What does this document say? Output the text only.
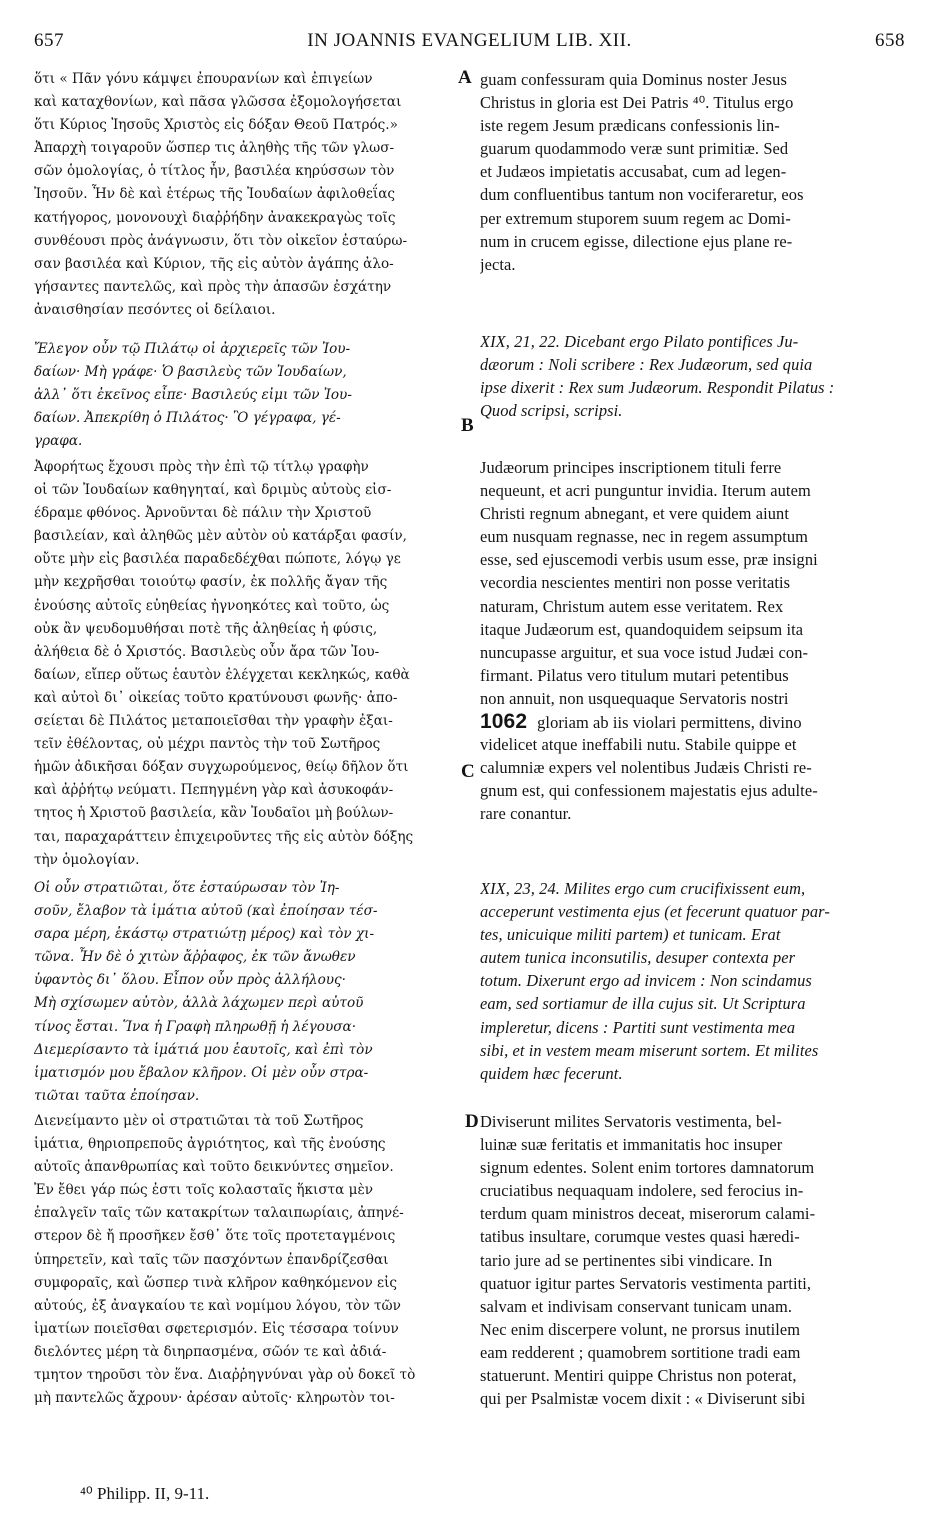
657	IN JOANNIS EVANGELIUM LIB. XII.	658
ὅτι « Πᾶν γόνυ κάμψει ἐπουρανίων καὶ ἐπιγείων
καὶ καταχθονίων, καὶ πᾶσα γλῶσσα ἐξομολογήσεται
ὅτι Κύριος Ἰησοῦς Χριστὸς εἰς δόξαν Θεοῦ Πατρός.»
Ἀπαρχὴ τοιγαροῦν ὥσπερ τις ἀληθὴς τῆς τῶν γλωσ-
σῶν ὁμολογίας, ὁ τίτλος ἦν, βασιλέα κηρύσσων τὸν
Ἰησοῦν. Ἦν δὲ καὶ ἑτέρως τῆς Ἰουδαίων ἀφιλοθεΐας
κατήγορος, μονονουχὶ διαῤῥήδην ἀνακεκραγὼς τοῖς
συνθέουσι πρὸς ἀνάγνωσιν, ὅτι τὸν οἰκεῖον ἐσταύρω-
σαν βασιλέα καὶ Κύριον, τῆς εἰς αὐτὸν ἀγάπης ἀλο-
γήσαντες παντελῶς, καὶ πρὸς τὴν ἁπασῶν ἐσχάτην
ἀναισθησίαν πεσόντες οἱ δείλαιοι.
Ἔλεγον οὖν τῷ Πιλάτῳ οἱ ἀρχιερεῖς τῶν Ἰου-
δαίων· Μὴ γράφε· Ὁ βασιλεὺς τῶν Ἰουδαίων,
ἀλλ᾽ ὅτι ἐκεῖνος εἶπε· Βασιλεύς εἰμι τῶν Ἰου-
δαίων. Ἀπεκρίθη ὁ Πιλάτος· Ὃ γέγραφα, γέ-
γραφα.
Ἀφορήτως ἔχουσι πρὸς τὴν ἐπὶ τῷ τίτλῳ γραφὴν
οἱ τῶν Ἰουδαίων καθηγηταί, καὶ δριμὺς αὐτοὺς εἰσ-
έδραμε φθόνος. Ἀρνοῦνται δὲ πάλιν τὴν Χριστοῦ
βασιλείαν, καὶ ἀληθῶς μὲν αὐτὸν οὐ κατάρξαι φασίν,
οὔτε μὴν εἰς βασιλέα παραδεδέχθαι πώποτε, λόγῳ γε
μὴν κεχρῆσθαι τοιούτῳ φασίν, ἐκ πολλῆς ἄγαν τῆς
ἐνούσης αὐτοῖς εὐηθείας ἠγνοηκότες καὶ τοῦτο, ὡς
οὐκ ἂν ψευδομυθήσαι ποτὲ τῆς ἀληθείας ἡ φύσις,
ἀλήθεια δὲ ὁ Χριστός. Βασιλεὺς οὖν ἄρα τῶν Ἰου-
δαίων, εἴπερ οὕτως ἑαυτὸν ἐλέγχεται κεκληκώς, καθὰ
καὶ αὐτοὶ δι᾽ οἰκείας τοῦτο κρατύνουσι φωνῆς· ἀπο-
σείεται δὲ Πιλάτος μεταποιεῖσθαι τὴν γραφὴν ἐξαι-
τεῖν ἐθέλοντας, οὐ μέχρι παντὸς τὴν τοῦ Σωτῆρος
ἡμῶν ἀδικῆσαι δόξαν συγχωρούμενος, θείῳ δῆλον ὅτι
καὶ ἀῤῥήτῳ νεύματι. Πεπηγμένη γὰρ καὶ ἀσυκοφάν-
τητος ἡ Χριστοῦ βασιλεία, κἂν Ἰουδαῖοι μὴ βούλων-
ται, παραχαράττειν ἐπιχειροῦντες τῆς εἰς αὐτὸν δόξης
τὴν ὁμολογίαν.
Οἱ οὖν στρατιῶται, ὅτε ἐσταύρωσαν τὸν Ἰη-
σοῦν, ἔλαβον τὰ ἱμάτια αὐτοῦ (καὶ ἐποίησαν τέσ-
σαρα μέρη, ἑκάστῳ στρατιώτῃ μέρος) καὶ τὸν χι-
τῶνα. Ἦν δὲ ὁ χιτὼν ἄῤῥαφος, ἐκ τῶν ἄνωθεν
ὑφαντὸς δι᾽ ὅλου. Εἶπον οὖν πρὸς ἀλλήλους·
Μὴ σχίσωμεν αὐτὸν, ἀλλὰ λάχωμεν περὶ αὐτοῦ
τίνος ἔσται. Ἵνα ἡ Γραφὴ πληρωθῇ ἡ λέγουσα·
Διεμερίσαντο τὰ ἱμάτιά μου ἑαυτοῖς, καὶ ἐπὶ τὸν
ἱματισμόν μου ἔβαλον κλῆρον. Οἱ μὲν οὖν στρα-
τιῶται ταῦτα ἐποίησαν.
Διενείμαντο μὲν οἱ στρατιῶται τὰ τοῦ Σωτῆρος
ἱμάτια, θηριοπρεποῦς ἀγριότητος, καὶ τῆς ἐνούσης
αὐτοῖς ἀπανθρωπίας καὶ τοῦτο δεικνύντες σημεῖον.
Ἐν ἔθει γάρ πώς ἐστι τοῖς κολασταῖς ἥκιστα μὲν
ἐπαλγεῖν ταῖς τῶν κατακρίτων ταλαιπωρίαις, ἀπηνέ-
στερον δὲ ἤ προσῆκεν ἔσθ᾽ ὅτε τοῖς προτεταγμένοις
ὑπηρετεῖν, καὶ ταῖς τῶν πασχόντων ἐπανδρίζεσθαι
συμφοραῖς, καὶ ὥσπερ τινὰ κλῆρον καθηκόμενον εἰς
αὐτούς, ἐξ ἀναγκαίου τε καὶ νομίμου λόγου, τὸν τῶν
ἱματίων ποιεῖσθαι σφετερισμόν. Εἰς τέσσαρα τοίνυν
διελόντες μέρη τὰ διηρπασμένα, σῶόν τε καὶ ἀδιά-
τμητον τηροῦσι τὸν ἕνα. Διαῤῥηγνύναι γὰρ οὐ δοκεῖ τὸ
μὴ παντελῶς ἄχρουν· ἀρέσαν αὐτοῖς· κληρωτὸν τοι-
guam confessuram quia Dominus noster Jesus
Christus in gloria est Dei Patris ⁴⁰. Titulus ergo
iste regem Jesum prædicans confessionis lin-
guarum quodammodo veræ sunt primitiæ. Sed
et Judæos impietatis accusabat, cum ad legen-
dum confluentibus tantum non vociferaretur, eos
per extremum stuporem suum regem ac Domi-
num in crucem egisse, dilectione ejus plane re-
jecta.
XIX, 21, 22. Dicebant ergo Pilato pontifices Ju-
dæorum : Noli scribere : Rex Judæorum, sed quia
ipse dixerit : Rex sum Judæorum. Respondit Pilatus :
Quod scripsi, scripsi.
Judæorum principes inscriptionem tituli ferre
nequeunt, et acri punguntur invidia. Iterum autem
Christi regnum abnegant, et vere quidem aiunt
eum nusquam regnasse, nec in regem assumptum
esse, sed ejuscemodi verbis usum esse, præ insigni
vecordia nescientes mentiri non posse veritatis
naturam, Christum autem esse veritatem. Rex
itaque Judæorum est, quandoquidem seipsum ita
nuncupasse arguitur, et sua voce istud Judæi con-
firmant. Pilatus vero titulum mutari petentibus
non annuit, non usquequaque Servatoris nostri
1062 gloriam ab iis violari permittens, divino
videlicet atque ineffabili nutu. Stabile quippe et
calumniæ expers vel nolentibus Judæis Christi re-
gnum est, qui confessionem majestatis ejus adulte-
rare conantur.
XIX, 23, 24. Milites ergo cum crucifixissent eum,
acceperunt vestimenta ejus (et fecerunt quatuor par-
tes, unicuique militi partem) et tunicam. Erat
autem tunica inconsutilis, desuper contexta per
totum. Dixerunt ergo ad invicem : Non scindamus
eam, sed sortiamur de illa cujus sit. Ut Scriptura
impleretur, dicens : Partiti sunt vestimenta mea
sibi, et in vestem meam miserunt sortem. Et milites
quidem hæc fecerunt.
Diviserunt milites Servatoris vestimenta, bel-
luinæ suæ feritatis et immanitatis hoc insuper
signum edentes. Solent enim tortores damnatorum
cruciatibus nequaquam indolere, sed ferocius in-
terdum quam ministros deceat, miserorum calami-
tatibus insultare, corumque vestes quasi hæredi-
tario jure ad se pertinentes sibi vindicare. In
quatuor igitur partes Servatoris vestimenta partiti,
salvam et indivisam conservant tunicam unam.
Nec enim discerpere volunt, ne prorsus inutilem
eam redderent ; quamobrem sortitione tradi eam
statuerunt. Mentiri quippe Christus non poterat,
qui per Psalmistæ vocem dixit : « Diviserunt sibi
A
B
C
D
⁴⁰ Philipp. II, 9-11.
